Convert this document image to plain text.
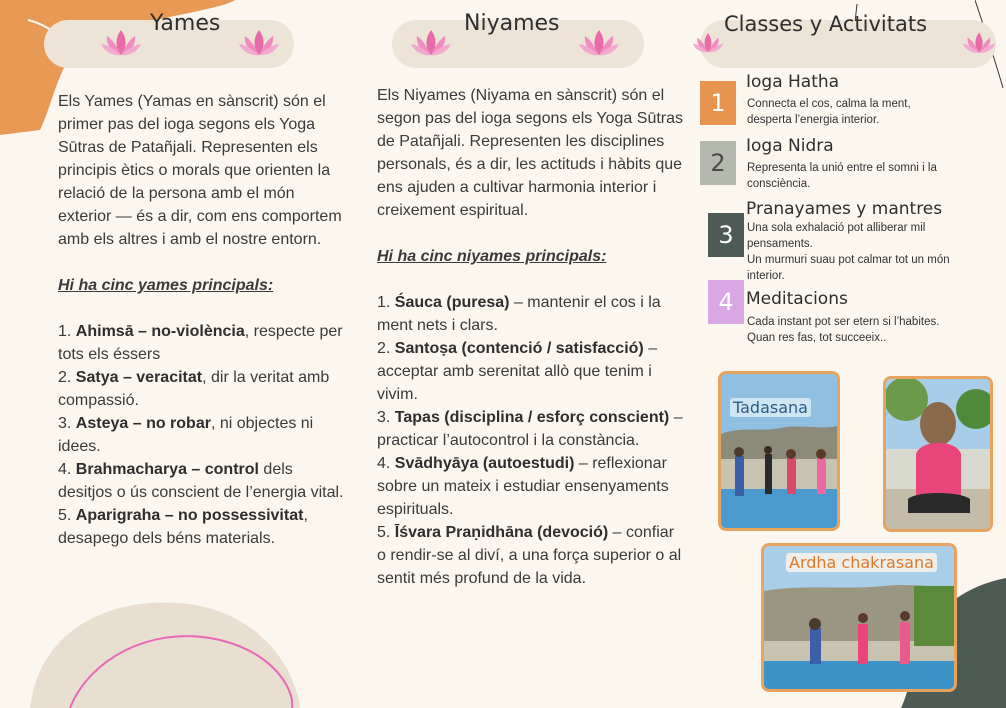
Yames

Els Yames (Yamas en sànscrit) són el primer pas del ioga segons els Yoga Sūtras de Patañjali. Representen els principis ètics o morals que orienten la relació de la persona amb el món exterior — és a dir, com ens comportem amb els altres i amb el nostre entorn.

Hi ha cinc yames principals:

1. Ahimsā – no-violència, respecte per tots els éssers

2. Satya – veracitat, dir la veritat amb compassió.

3. Asteya – no robar, ni objectes ni idees.

4. Brahmacharya – control dels desitjos o ús conscient de l’energia vital.

5. Aparigraha – no possessivitat, desapego dels béns materials.

Niyames

Els Niyames (Niyama en sànscrit) són el segon pas del ioga segons els Yoga Sūtras de Patañjali. Representen les disciplines personals, és a dir, les actituds i hàbits que ens ajuden a cultivar harmonia interior i creixement espiritual.

Hi ha cinc niyames principals:

1. Śauca (puresa) – mantenir el cos i la ment nets i clars.

2. Santoṣa (contenció / satisfacció) – acceptar amb serenitat allò que tenim i vivim.

3. Tapas (disciplina / esforç conscient) – practicar l’autocontrol i la constància.

4. Svādhyāya (autoestudi) – reflexionar sobre un mateix i estudiar ensenyaments espirituals.

5. Īśvara Praṇidhāna (devoció) – confiar o rendir-se al diví, a una força superior o al sentit més profund de la vida.

Classes y Activitats
1
Ioga Hatha

Connecta el cos, calma la ment,

desperta l’energia interior.

2
Ioga Nidra

Representa la unió entre el somni i la consciència.

3
Pranayames y mantres

Una sola exhalació pot alliberar mil pensaments.

Un murmuri suau pot calmar tot un món interior.

4 Meditacions

Cada instant pot ser etern si l’habites.

Quan res fas, tot succeeix..

Tadasana
Ardha chakrasana
